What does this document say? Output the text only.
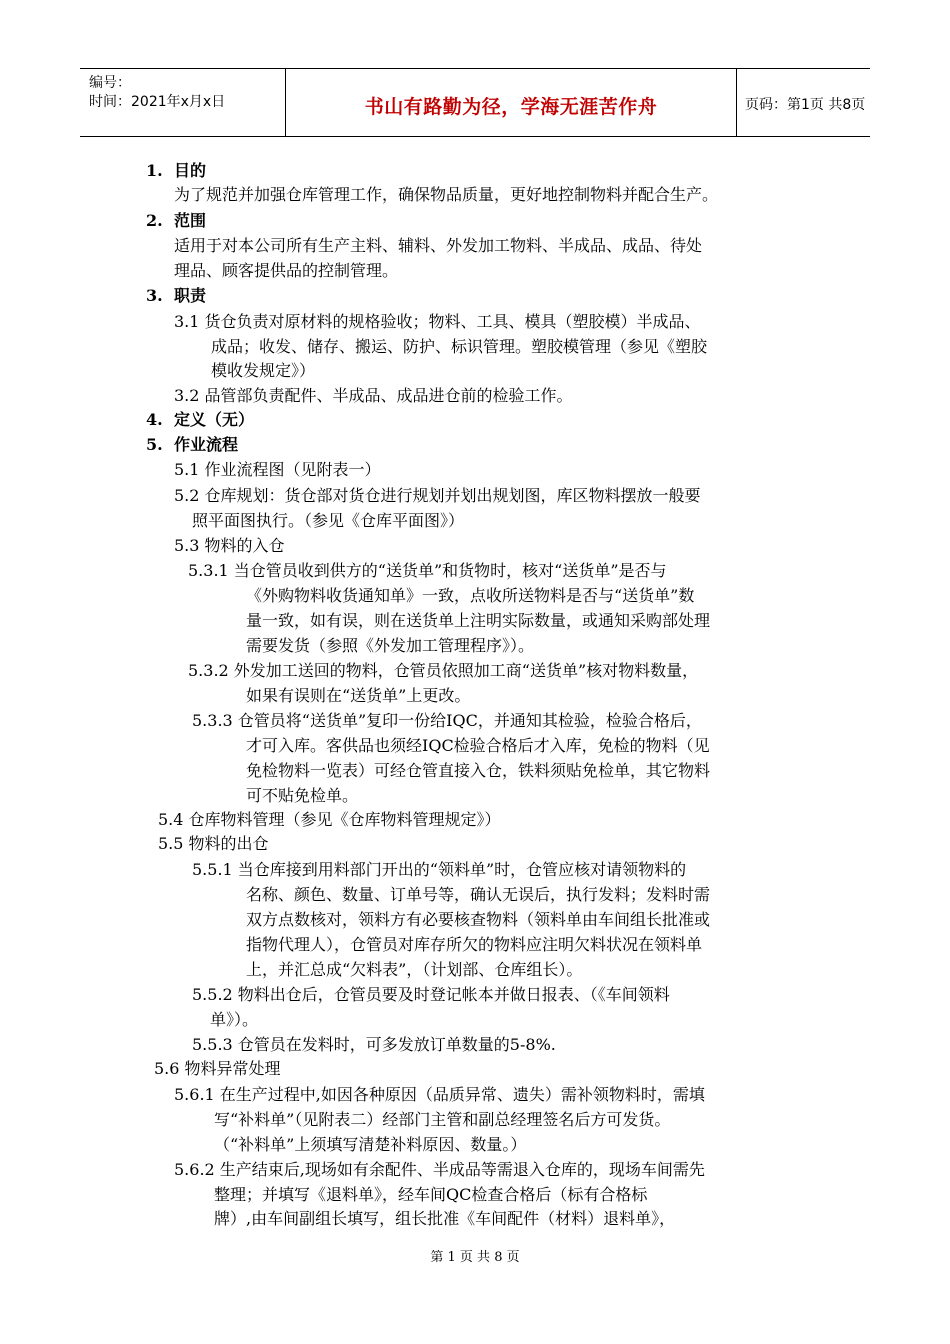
编号：
时间：2021年x月x日	书山有路勤为径，学海无涯苦作舟	页码：第1页 共8页
1. 目的
为了规范并加强仓库管理工作，确保物品质量，更好地控制物料并配合生产。
2. 范围
适用于对本公司所有生产主料、辅料、外发加工物料、半成品、成品、待处
理品、顾客提供品的控制管理。
3. 职责
3.1 货仓负责对原材料的规格验收；物料、工具、模具（塑胶模）半成品、
成品；收发、储存、搬运、防护、标识管理。塑胶模管理（参见《塑胶
模收发规定》）
3.2 品管部负责配件、半成品、成品进仓前的检验工作。
4. 定义（无）
5. 作业流程
5.1 作业流程图（见附表一）
5.2 仓库规划：货仓部对货仓进行规划并划出规划图，库区物料摆放一般要
照平面图执行。（参见《仓库平面图》）
5.3 物料的入仓
5.3.1 当仓管员收到供方的“送货单”和货物时，核对“送货单”是否与
《外购物料收货通知单》一致，点收所送物料是否与“送货单”数
量一致，如有误，则在送货单上注明实际数量，或通知采购部处理
需要发货（参照《外发加工管理程序》）。
5.3.2 外发加工送回的物料，仓管员依照加工商“送货单”核对物料数量，
如果有误则在“送货单”上更改。
5.3.3 仓管员将“送货单”复印一份给IQC，并通知其检验，检验合格后，
才可入库。客供品也须经IQC检验合格后才入库，免检的物料（见
免检物料一览表）可经仓管直接入仓，铁料须贴免检单，其它物料
可不贴免检单。
5.4 仓库物料管理（参见《仓库物料管理规定》）
5.5 物料的出仓
5.5.1 当仓库接到用料部门开出的“领料单”时，仓管应核对请领物料的
名称、颜色、数量、订单号等，确认无误后，执行发料；发料时需
双方点数核对，领料方有必要核查物料（领料单由车间组长批准或
指物代理人），仓管员对库存所欠的物料应注明欠料状况在领料单
上，并汇总成“欠料表”，（计划部、仓库组长）。
5.5.2 物料出仓后，仓管员要及时登记帐本并做日报表、（《车间领料
单》）。
5.5.3 仓管员在发料时，可多发放订单数量的5-8%.
5.6 物料异常处理
5.6.1 在生产过程中,如因各种原因（品质异常、遗失）需补领物料时，需填
写“补料单”（见附表二）经部门主管和副总经理签名后方可发货。
（“补料单”上须填写清楚补料原因、数量。）
5.6.2 生产结束后,现场如有余配件、半成品等需退入仓库的，现场车间需先
整理；并填写《退料单》，经车间QC检查合格后（标有合格标
牌）,由车间副组长填写，组长批准《车间配件（材料）退料单》，
第 1 页 共 8 页
